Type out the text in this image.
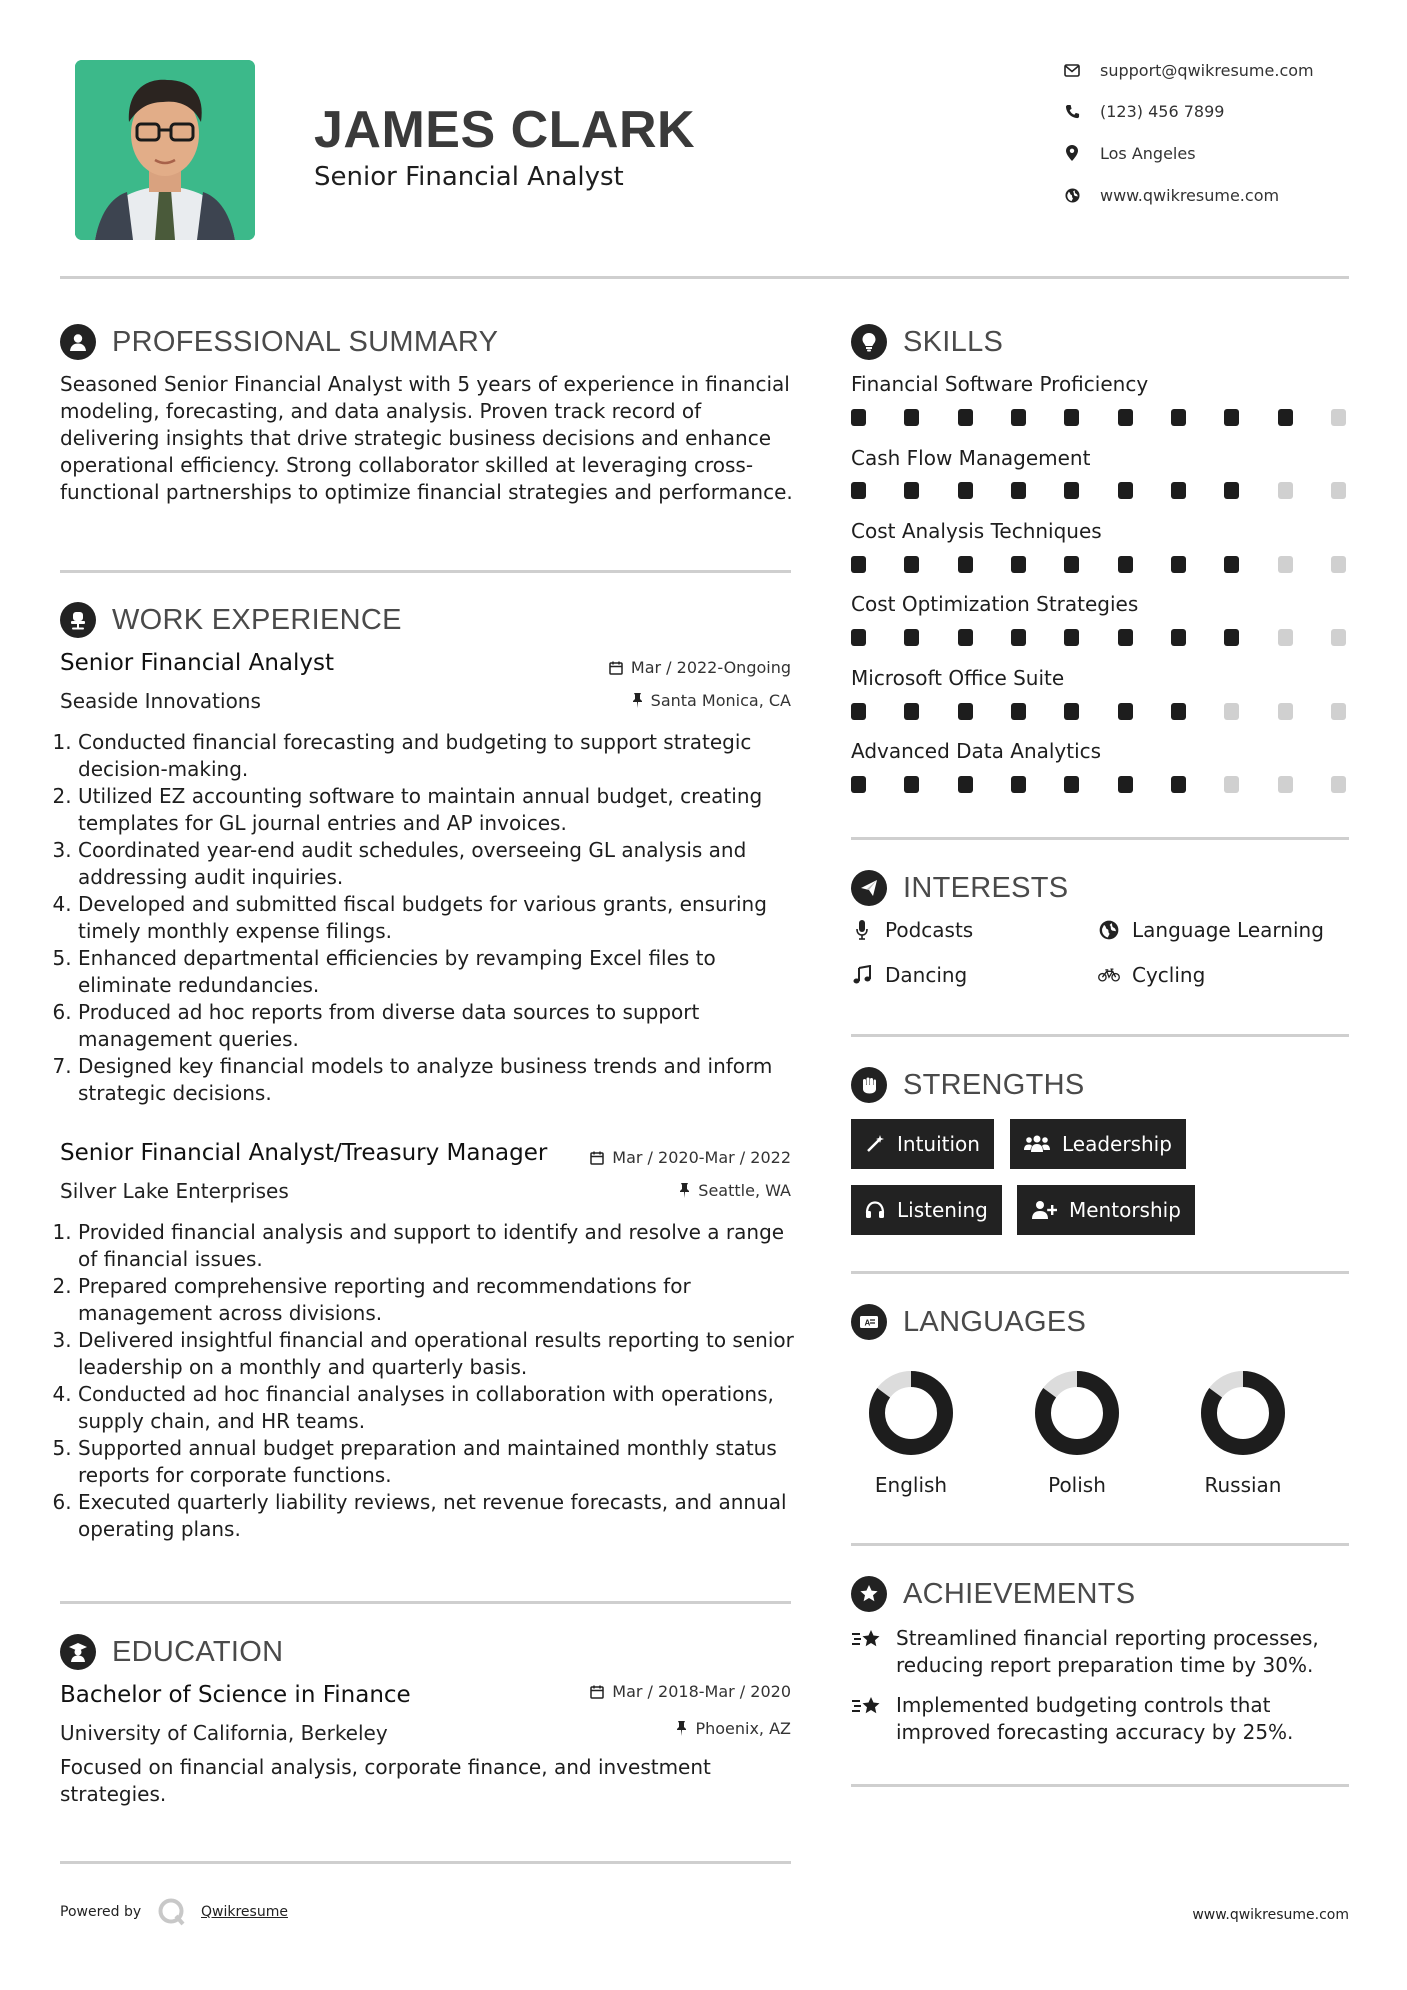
JAMES CLARK
Senior Financial Analyst
support@qwikresume.com
(123) 456 7899
Los Angeles
www.qwikresume.com
PROFESSIONAL SUMMARY
Seasoned Senior Financial Analyst with 5 years of experience in financial modeling, forecasting, and data analysis. Proven track record of delivering insights that drive strategic business decisions and enhance operational efficiency. Strong collaborator skilled at leveraging cross-functional partnerships to optimize financial strategies and performance.
WORK EXPERIENCE
Senior Financial Analyst	Mar / 2022-Ongoing
Seaside Innovations	Santa Monica, CA
1. Conducted financial forecasting and budgeting to support strategic decision-making.
2. Utilized EZ accounting software to maintain annual budget, creating templates for GL journal entries and AP invoices.
3. Coordinated year-end audit schedules, overseeing GL analysis and addressing audit inquiries.
4. Developed and submitted fiscal budgets for various grants, ensuring timely monthly expense filings.
5. Enhanced departmental efficiencies by revamping Excel files to eliminate redundancies.
6. Produced ad hoc reports from diverse data sources to support management queries.
7. Designed key financial models to analyze business trends and inform strategic decisions.
Senior Financial Analyst/Treasury Manager	Mar / 2020-Mar / 2022
Silver Lake Enterprises	Seattle, WA
1. Provided financial analysis and support to identify and resolve a range of financial issues.
2. Prepared comprehensive reporting and recommendations for management across divisions.
3. Delivered insightful financial and operational results reporting to senior leadership on a monthly and quarterly basis.
4. Conducted ad hoc financial analyses in collaboration with operations, supply chain, and HR teams.
5. Supported annual budget preparation and maintained monthly status reports for corporate functions.
6. Executed quarterly liability reviews, net revenue forecasts, and annual operating plans.
EDUCATION
Bachelor of Science in Finance	Mar / 2018-Mar / 2020
University of California, Berkeley	Phoenix, AZ
Focused on financial analysis, corporate finance, and investment strategies.
SKILLS
Financial Software Proficiency
Cash Flow Management
Cost Analysis Techniques
Cost Optimization Strategies
Microsoft Office Suite
Advanced Data Analytics
INTERESTS
Podcasts	Language Learning
Dancing	Cycling
STRENGTHS
Intuition	Leadership
Listening	Mentorship
A LANGUAGES
English	Polish	Russian
ACHIEVEMENTS
Streamlined financial reporting processes, reducing report preparation time by 30%.
Implemented budgeting controls that improved forecasting accuracy by 25%.
Powered by	Qwikresume	www.qwikresume.com
